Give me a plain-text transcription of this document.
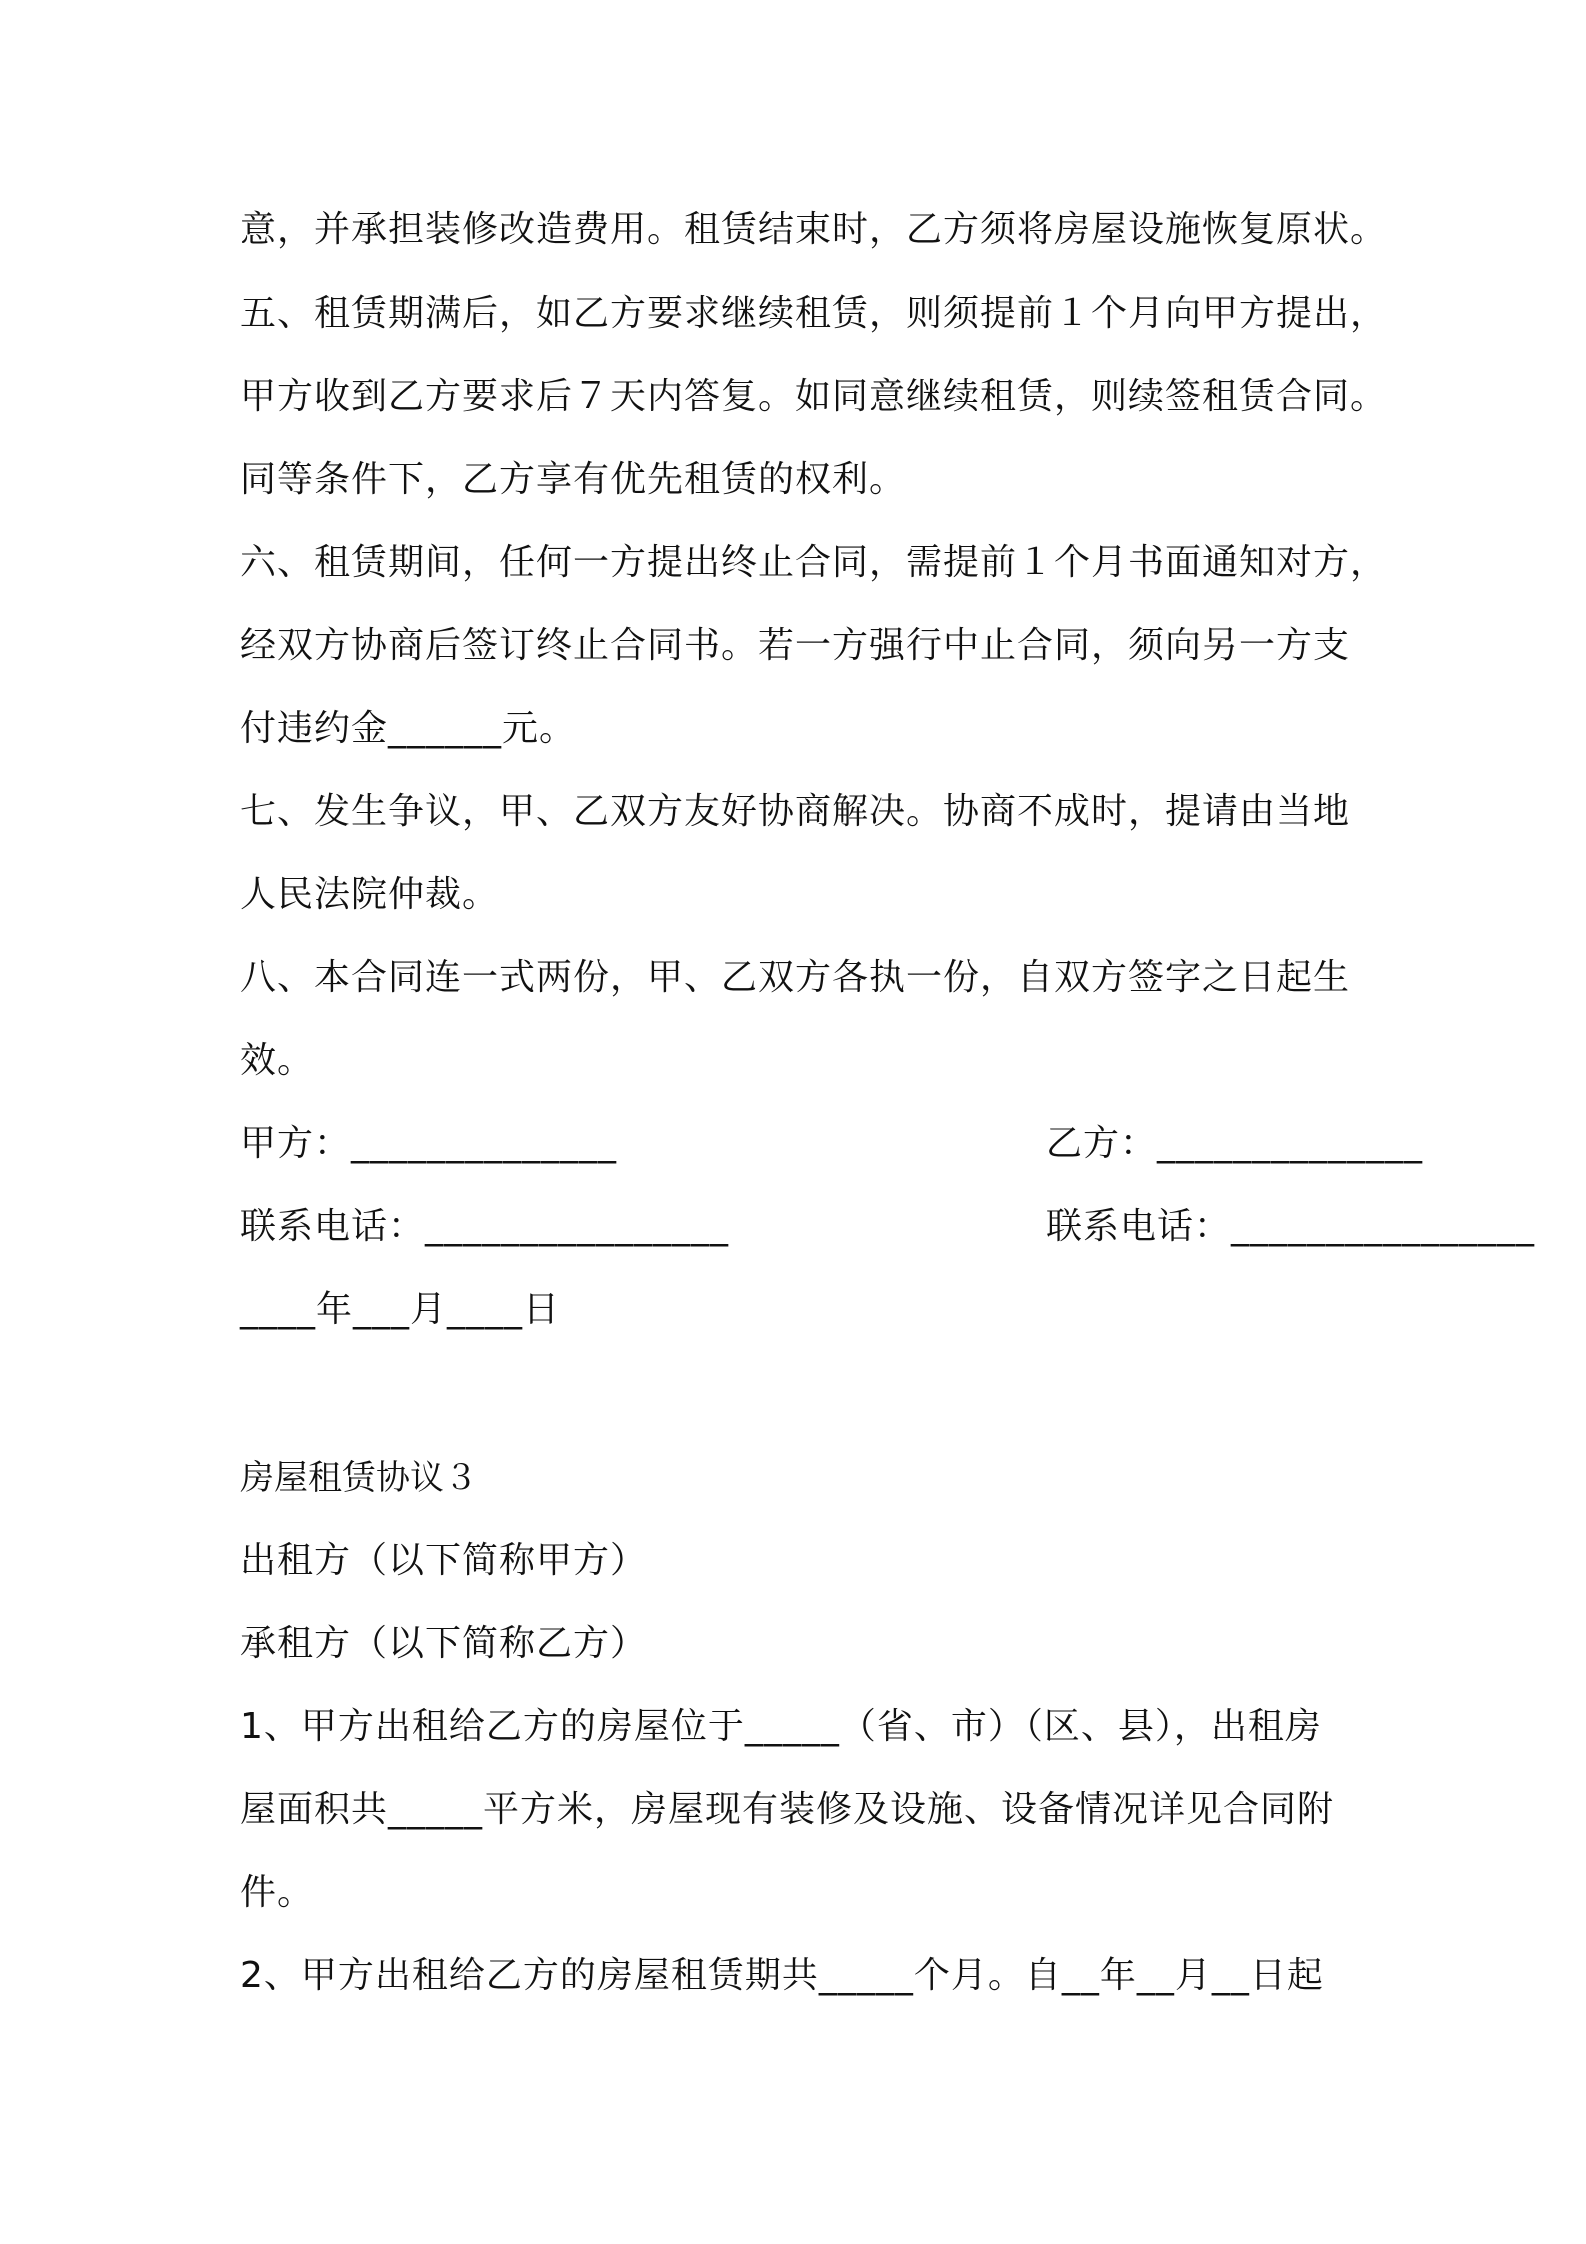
意，并承担装修改造费用。租赁结束时，乙方须将房屋设施恢复原状。
五、租赁期满后，如乙方要求继续租赁，则须提前１个月向甲方提出，
甲方收到乙方要求后７天内答复。如同意继续租赁，则续签租赁合同。
同等条件下，乙方享有优先租赁的权利。
六、租赁期间，任何一方提出终止合同，需提前１个月书面通知对方，
经双方协商后签订终止合同书。若一方强行中止合同，须向另一方支
付违约金______元。
七、发生争议，甲、乙双方友好协商解决。协商不成时，提请由当地
人民法院仲裁。
八、本合同连一式两份，甲、乙双方各执一份，自双方签字之日起生
效。

甲方：______________

	乙方：______________

联系电话：________________

	联系电话：________________

____年___月____日
房屋租赁协议３
出租方（以下简称甲方）
承租方（以下简称乙方）
1、甲方出租给乙方的房屋位于_____（省、市）（区、县），出租房
屋面积共_____平方米，房屋现有装修及设施、设备情况详见合同附
件。
2、甲方出租给乙方的房屋租赁期共_____个月。自__年__月__日起
